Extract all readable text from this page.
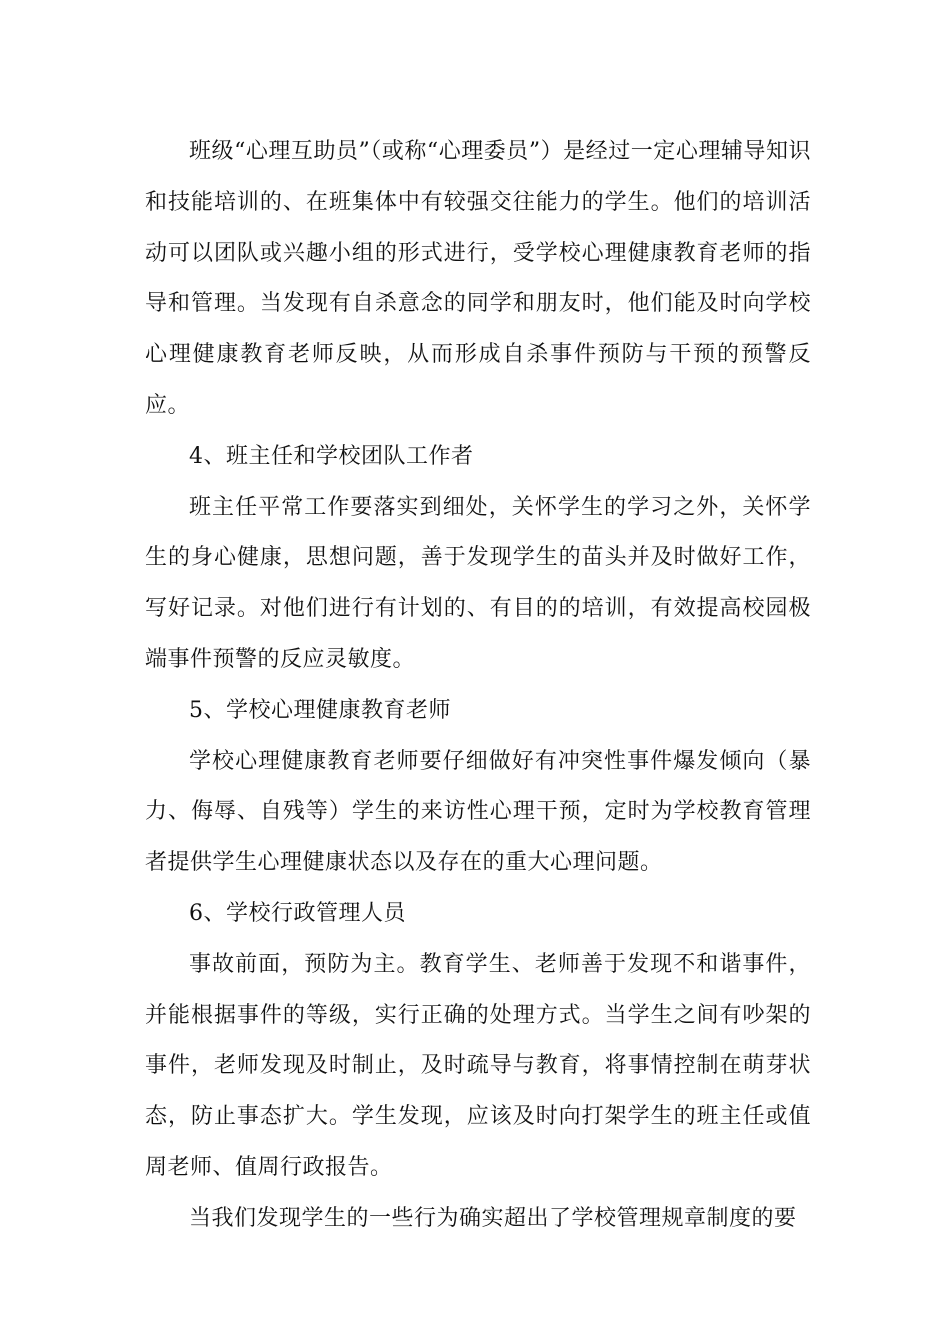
班级“心理互助员”（或称“心理委员”）是经过一定心理辅导知识和技能培训的、在班集体中有较强交往能力的学生。他们的培训活动可以团队或兴趣小组的形式进行，受学校心理健康教育老师的指导和管理。当发现有自杀意念的同学和朋友时，他们能及时向学校心理健康教育老师反映，从而形成自杀事件预防与干预的预警反应。

4、班主任和学校团队工作者

班主任平常工作要落实到细处，关怀学生的学习之外，关怀学生的身心健康，思想问题，善于发现学生的苗头并及时做好工作，写好记录。对他们进行有计划的、有目的的培训，有效提高校园极端事件预警的反应灵敏度。

5、学校心理健康教育老师

学校心理健康教育老师要仔细做好有冲突性事件爆发倾向（暴力、侮辱、自残等）学生的来访性心理干预，定时为学校教育管理者提供学生心理健康状态以及存在的重大心理问题。

6、学校行政管理人员

事故前面，预防为主。教育学生、老师善于发现不和谐事件，并能根据事件的等级，实行正确的处理方式。当学生之间有吵架的事件，老师发现及时制止，及时疏导与教育，将事情控制在萌芽状态，防止事态扩大。学生发现，应该及时向打架学生的班主任或值周老师、值周行政报告。

当我们发现学生的一些行为确实超出了学校管理规章制度的要
